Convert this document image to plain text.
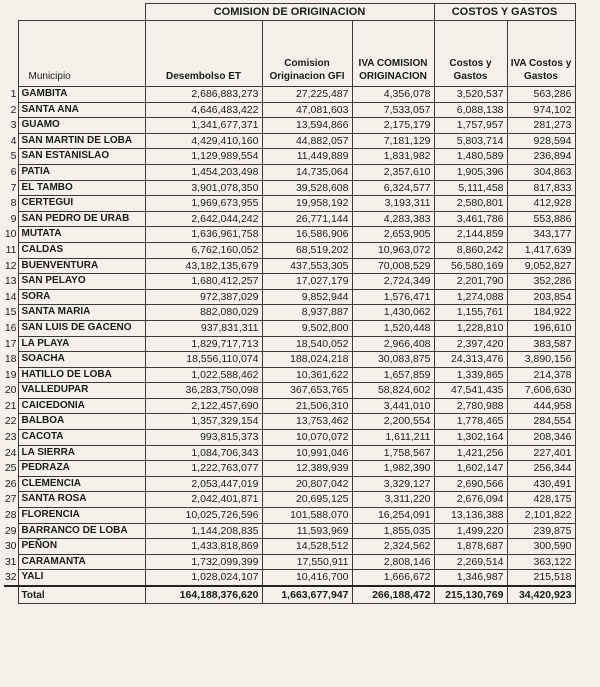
		COMISION DE ORIGINACION			COSTOS Y GASTOS	
	Municipio	Desembolso ET	Comision Originacion GFI	IVA COMISION ORIGINACION	Costos y Gastos	IVA Costos y Gastos
1	GAMBITA	2,686,883,273	27,225,487	4,356,078	3,520,537	563,286
2	SANTA ANA	4,646,483,422	47,081,603	7,533,057	6,088,138	974,102
3	GUAMO	1,341,677,371	13,594,866	2,175,179	1,757,957	281,273
4	SAN MARTIN DE LOBA	4,429,410,160	44,882,057	7,181,129	5,803,714	928,594
5	SAN ESTANISLAO	1,129,989,554	11,449,889	1,831,982	1,480,589	236,894
6	PATIA	1,454,203,498	14,735,064	2,357,610	1,905,396	304,863
7	EL TAMBO	3,901,078,350	39,528,608	6,324,577	5,111,458	817,833
8	CERTEGUI	1,969,673,955	19,958,192	3,193,311	2,580,801	412,928
9	SAN PEDRO DE URAB	2,642,044,242	26,771,144	4,283,383	3,461,786	553,886
10	MUTATA	1,636,961,758	16,586,906	2,653,905	2,144,859	343,177
11	CALDAS	6,762,160,052	68,519,202	10,963,072	8,860,242	1,417,639
12	BUENVENTURA	43,182,135,679	437,553,305	70,008,529	56,580,169	9,052,827
13	SAN PELAYO	1,680,412,257	17,027,179	2,724,349	2,201,790	352,286
14	SORA	972,387,029	9,852,944	1,576,471	1,274,088	203,854
15	SANTA MARIA	882,080,029	8,937,887	1,430,062	1,155,761	184,922
16	SAN LUIS DE GACENO	937,831,311	9,502,800	1,520,448	1,228,810	196,610
17	LA PLAYA	1,829,717,713	18,540,052	2,966,408	2,397,420	383,587
18	SOACHA	18,556,110,074	188,024,218	30,083,875	24,313,476	3,890,156
19	HATILLO DE LOBA	1,022,588,462	10,361,622	1,657,859	1,339,865	214,378
20	VALLEDUPAR	36,283,750,098	367,653,765	58,824,602	47,541,435	7,606,630
21	CAICEDONIA	2,122,457,690	21,506,310	3,441,010	2,780,988	444,958
22	BALBOA	1,357,329,154	13,753,462	2,200,554	1,778,465	284,554
23	CACOTA	993,815,373	10,070,072	1,611,211	1,302,164	208,346
24	LA SIERRA	1,084,706,343	10,991,046	1,758,567	1,421,256	227,401
25	PEDRAZA	1,222,763,077	12,389,939	1,982,390	1,602,147	256,344
26	CLEMENCIA	2,053,447,019	20,807,042	3,329,127	2,690,566	430,491
27	SANTA ROSA	2,042,401,871	20,695,125	3,311,220	2,676,094	428,175
28	FLORENCIA	10,025,726,596	101,588,070	16,254,091	13,136,388	2,101,822
29	BARRANCO DE LOBA	1,144,208,835	11,593,969	1,855,035	1,499,220	239,875
30	PEÑON	1,433,818,869	14,528,512	2,324,562	1,878,687	300,590
31	CARAMANTA	1,732,099,399	17,550,911	2,808,146	2,269,514	363,122
32	YALI	1,028,024,107	10,416,700	1,666,672	1,346,987	215,518
	Total	164,188,376,620	1,663,677,947	266,188,472	215,130,769	34,420,923
